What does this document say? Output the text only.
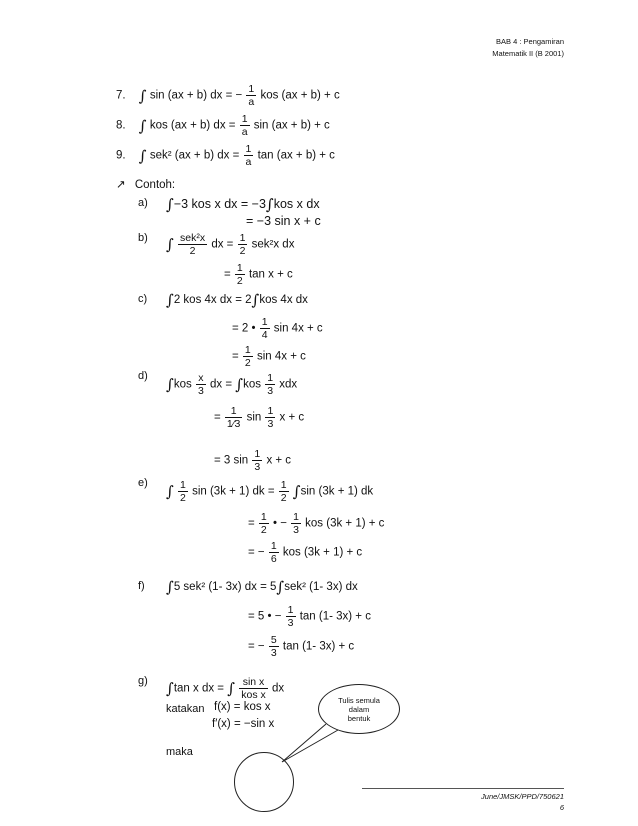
BAB 4 : Pengamiran
Matematik II (B 2001)
7. ∫ sin (ax + b) dx = − $\frac{1}{a}$ kos (ax + b) + c
8. ∫ kos (ax + b) dx = $\frac{1}{a}$ sin (ax + b) + c
9. ∫ sek² (ax + b) dx = $\frac{1}{a}$ tan (ax + b) + c
↗ Contoh:
a) ∫−3 kos x dx = −3∫kos x dx
= −3 sin x + c
b) ∫ $\frac{\text{sek²x}}{2}$ dx = $\frac{1}{2} sek^2x$ dx
= $\frac{1}{2}$ tan x + c
c) ∫2 kos 4x dx = 2∫kos 4x dx
= 2 • $\frac{1}{4}$ sin 4x + c
= $\frac{1}{2}$ sin 4x + c
d) $\int kos \frac{x}{3}$ dx = $\int kos \frac{1}{3}$ xdx
= $\frac{1}{1⁄3}$ $\sin \frac{1}{3}$ x + c
= 3 $\sin \frac{1}{3}$ x + c
e) ∫ $\frac{1}{2}$ sin (3k + 1) dk = $\frac{1}{2} \int\sin$ (3k + 1) dk
= $\frac{1}{2}$ • − $\frac{1}{3}$ kos (3k + 1) + c
= − $\frac{1}{6}$ kos (3k + 1) + c
f) ∫5 sek² (1- 3x) dx = 5∫sek² (1- 3x) dx
= 5 • − $\frac{1}{3}$ tan (1- 3x) + c
= − $\frac{5}{3}$ tan (1- 3x) + c
g) ∫tan x dx = ∫ $\frac{\text{sin x}}{\text{kos x}}$ dx
katakan f(x) = kos x
f′(x) = −sin x
maka
Tulis semula dalam bentuk
June/JMSK/PPD/750621
6
